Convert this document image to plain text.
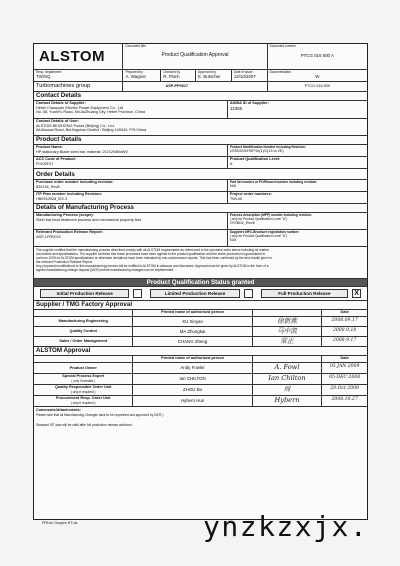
ALSTOM
Document title
Product Qualification Approval
Document number
PTCG 016 500 A
Resp. department
TW/SQ
Prepared by
A. Wagner
Checked by
R. Flüch
Approved by
E. Butscher
Date of issue
13/10/2007
Documentation
W
Turbomachines group	ASP-PP0017	PTCG 016 500
Contact Details
Contact Details of Supplier:
Hebei Chaoyuan Electric Power Equipment Co., Ltd
No. 58, YuanFu Road, ShiJiaZhuang City, Hebei Province, China
AKIBA ID of Supplier:
12395
Contact Details of User:
ALSTOM BEIZHONG Power (Beijing) Co., Ltd.
WuDaocai Road, BeiJingshan District / Beijing 100040, P.R.China
Product Details
Product Name:
HP stationary Blade steel bar, material: 2Cr12NiMoWV
Product Identification Number including Revision:
1SSD019/HSP10(1)/1(13 to 2E)
ACC Code of Product:
F0105F47
Product Qualification Level:
A
Order Details
Purchase order number including revision:
830134_RevE
Part list number or PO/Record number including revision:
N/A
ITP Plan number including Revision:
HB0910028_IE2.3
Project order numbers:
TWL05
Details of Manufacturing Process
Manufacturing Process (scope):
Steel bar heat treatment process and mechanical property test
Process description (MPP) number including revision:
( only for Product Qualification Level "A")
OY0602_RevE
Relevant Production Release Report:
ASP-LPR0022
Suppliers MFC-Brochure registration number:
( only for Product Qualification Level "A")
N/A
The supplier certifies that the manufacturing process described comply with all ALSTOM requirements as referenced in the purchase order above including all related
documents and specifications. The supplier confirms that these processes have been applied to the product qualification and the entire production is guaranteed to
conform 100% to ALSTOM specifications or otherwise deviations have been indicated by non-conformance reports. This has been confirmed by the test results given in
the relevant Production Release Report.
Any proposed modifications to this manufacturing process will be notified to ALSTOM in advance and discussed. Approval must be given by ALSTOM in the form of a
signed manufacturing change request (MCR) before manufacturing changes can be implemented.
Product Qualification Status granted
Initial Production Release	Limited Production Release	Full Production Release	X
Supplier / TMG Factory Approval
Printed name of authorised person	Date
Manufacturing Engineering	XU Xinyan	徐新燕	2008.09.17
Quality Control	MA Zhongkai	马中凯	2008.9.18
Sales / Order Management	CHANG Zheng	常正	2008-9.17
ALSTOM Approval
Printed name of authorised person	Date
Product Owner	Andy Fowler	A. Fowl	05 JAN 2009
Special Process Expert
( only if needed )	Ian CHILTON	Ian Chilton	05-DEC-2008
Quality Responsible Order Unit
( only if required )	ZHOU Bo	周	20.Oct 2008
Procurement Resp. Order Unit
( only if required )	Hybern Hun	Hybern	2008.10.27
Comments/Attachments:
Please note that all Manufacturing Changes have to be requested and approved by MCR.)
Standard IST plan will be valid after full production release achieved.
FPA for Goupen HT.xls	ynzkzxjx.
